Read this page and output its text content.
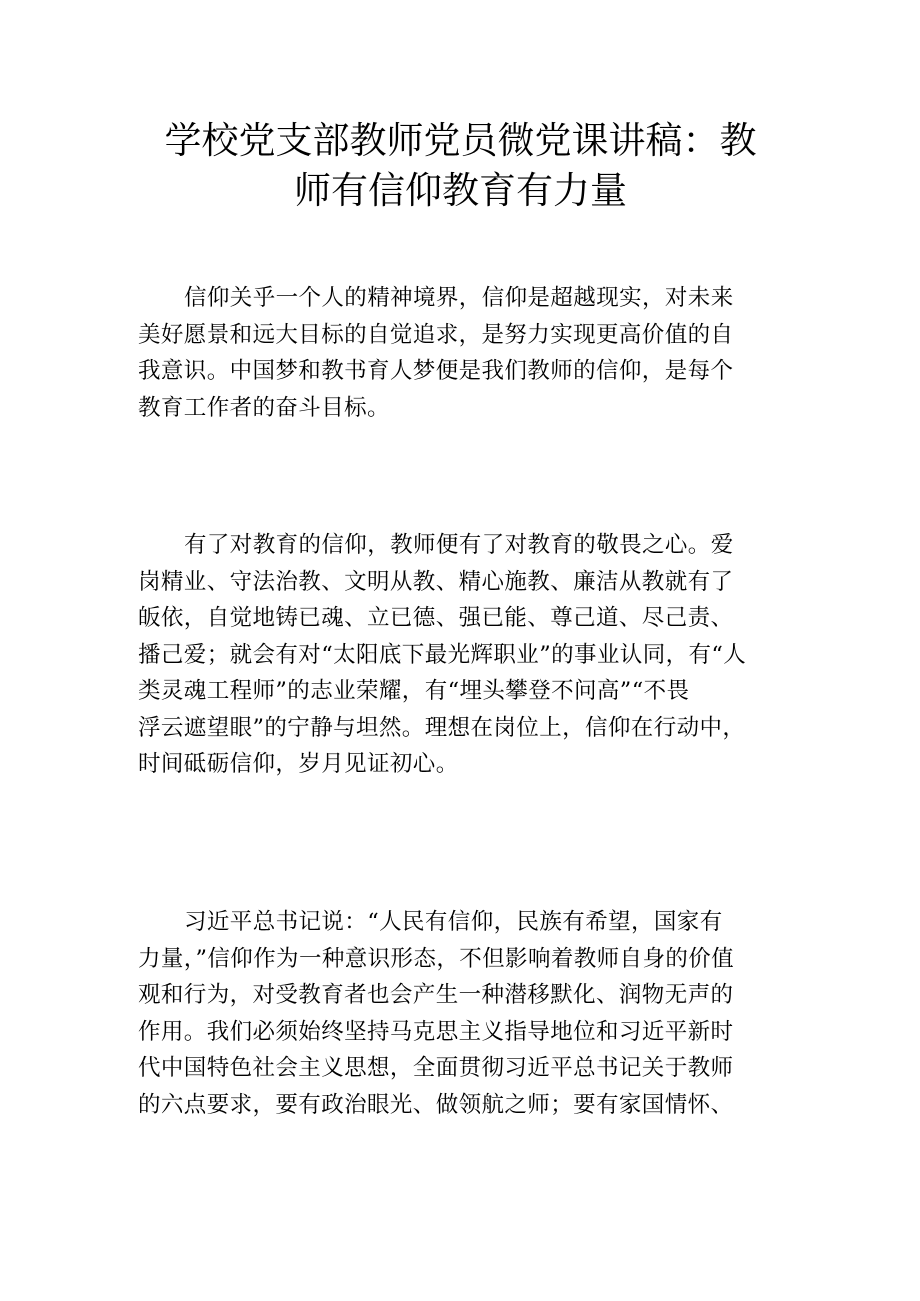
学校党支部教师党员微党课讲稿：教
师有信仰教育有力量

信仰关乎一个人的精神境界，信仰是超越现实，对未来
美好愿景和远大目标的自觉追求，是努力实现更高价值的自
我意识。中国梦和教书育人梦便是我们教师的信仰，是每个
教育工作者的奋斗目标。

有了对教育的信仰，教师便有了对教育的敬畏之心。爱
岗精业、守法治教、文明从教、精心施教、廉洁从教就有了
皈依，自觉地铸已魂、立已德、强已能、尊己道、尽己责、
播己爱；就会有对“太阳底下最光辉职业”的事业认同，有“人
类灵魂工程师”的志业荣耀，有“埋头攀登不问高”“不畏
浮云遮望眼”的宁静与坦然。理想在岗位上，信仰在行动中，
时间砥砺信仰，岁月见证初心。

习近平总书记说：“人民有信仰，民族有希望，国家有
力量，”信仰作为一种意识形态，不但影响着教师自身的价值
观和行为，对受教育者也会产生一种潜移默化、润物无声的
作用。我们必须始终坚持马克思主义指导地位和习近平新时
代中国特色社会主义思想，全面贯彻习近平总书记关于教师
的六点要求，要有政治眼光、做领航之师；要有家国情怀、
